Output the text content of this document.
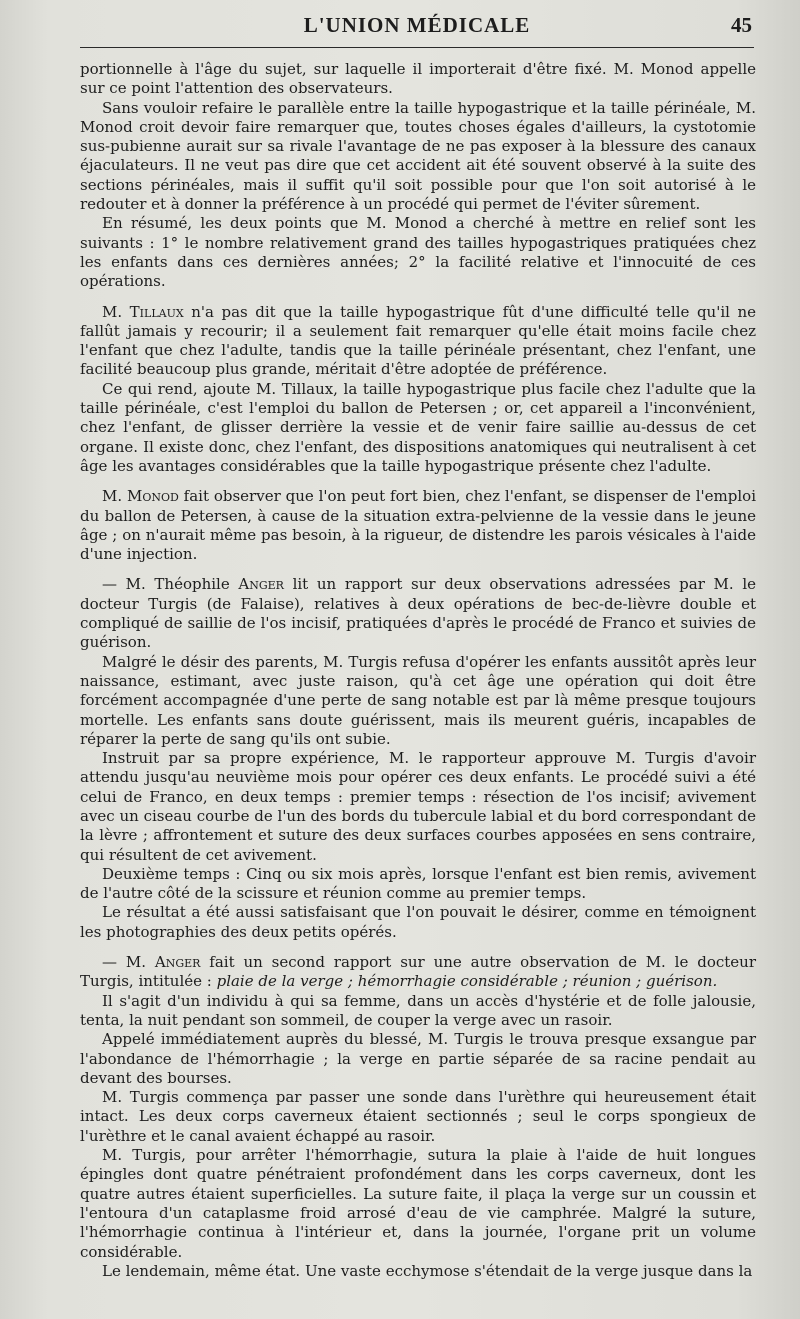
L'UNION MÉDICALE	45

portionnelle à l'âge du sujet, sur laquelle il importerait d'être fixé. M. Monod appelle sur ce point l'attention des observateurs.

Sans vouloir refaire le parallèle entre la taille hypogastrique et la taille périnéale, M. Monod croit devoir faire remarquer que, toutes choses égales d'ailleurs, la cystotomie sus-pubienne aurait sur sa rivale l'avantage de ne pas exposer à la blessure des canaux éjaculateurs. Il ne veut pas dire que cet accident ait été souvent observé à la suite des sections périnéales, mais il suffit qu'il soit possible pour que l'on soit autorisé à le redouter et à donner la préférence à un procédé qui permet de l'éviter sûrement.

En résumé, les deux points que M. Monod a cherché à mettre en relief sont les suivants : 1° le nombre relativement grand des tailles hypogastriques pratiquées chez les enfants dans ces dernières années; 2° la facilité relative et l'innocuité de ces opérations.

M. Tillaux n'a pas dit que la taille hypogastrique fût d'une difficulté telle qu'il ne fallût jamais y recourir; il a seulement fait remarquer qu'elle était moins facile chez l'enfant que chez l'adulte, tandis que la taille périnéale présentant, chez l'enfant, une facilité beaucoup plus grande, méritait d'être adoptée de préférence.

Ce qui rend, ajoute M. Tillaux, la taille hypogastrique plus facile chez l'adulte que la taille périnéale, c'est l'emploi du ballon de Petersen ; or, cet appareil a l'inconvénient, chez l'enfant, de glisser derrière la vessie et de venir faire saillie au-dessus de cet organe. Il existe donc, chez l'enfant, des dispositions anatomiques qui neutralisent à cet âge les avantages considérables que la taille hypogastrique présente chez l'adulte.

M. Monod fait observer que l'on peut fort bien, chez l'enfant, se dispenser de l'emploi du ballon de Petersen, à cause de la situation extra-pelvienne de la vessie dans le jeune âge ; on n'aurait même pas besoin, à la rigueur, de distendre les parois vésicales à l'aide d'une injection.

— M. Théophile Anger lit un rapport sur deux observations adressées par M. le docteur Turgis (de Falaise), relatives à deux opérations de bec-de-lièvre double et compliqué de saillie de l'os incisif, pratiquées d'après le procédé de Franco et suivies de guérison.

Malgré le désir des parents, M. Turgis refusa d'opérer les enfants aussitôt après leur naissance, estimant, avec juste raison, qu'à cet âge une opération qui doit être forcément accompagnée d'une perte de sang notable est par là même presque toujours mortelle. Les enfants sans doute guérissent, mais ils meurent guéris, incapables de réparer la perte de sang qu'ils ont subie.

Instruit par sa propre expérience, M. le rapporteur approuve M. Turgis d'avoir attendu jusqu'au neuvième mois pour opérer ces deux enfants. Le procédé suivi a été celui de Franco, en deux temps : premier temps : résection de l'os incisif; avivement avec un ciseau courbe de l'un des bords du tubercule labial et du bord correspondant de la lèvre ; affrontement et suture des deux surfaces courbes apposées en sens contraire, qui résultent de cet avivement.

Deuxième temps : Cinq ou six mois après, lorsque l'enfant est bien remis, avivement de l'autre côté de la scissure et réunion comme au premier temps.

Le résultat a été aussi satisfaisant que l'on pouvait le désirer, comme en témoignent les photographies des deux petits opérés.

— M. Anger fait un second rapport sur une autre observation de M. le docteur Turgis, intitulée : plaie de la verge ; hémorrhagie considérable ; réunion ; guérison.

Il s'agit d'un individu à qui sa femme, dans un accès d'hystérie et de folle jalousie, tenta, la nuit pendant son sommeil, de couper la verge avec un rasoir.

Appelé immédiatement auprès du blessé, M. Turgis le trouva presque exsangue par l'abondance de l'hémorrhagie ; la verge en partie séparée de sa racine pendait au devant des bourses.

M. Turgis commença par passer une sonde dans l'urèthre qui heureusement était intact. Les deux corps caverneux étaient sectionnés ; seul le corps spongieux de l'urèthre et le canal avaient échappé au rasoir.

M. Turgis, pour arrêter l'hémorrhagie, sutura la plaie à l'aide de huit longues épingles dont quatre pénétraient profondément dans les corps caverneux, dont les quatre autres étaient superficielles. La suture faite, il plaça la verge sur un coussin et l'entoura d'un cataplasme froid arrosé d'eau de vie camphrée. Malgré la suture, l'hémorrhagie continua à l'intérieur et, dans la journée, l'organe prit un volume considérable.

Le lendemain, même état. Une vaste ecchymose s'étendait de la verge jusque dans la
